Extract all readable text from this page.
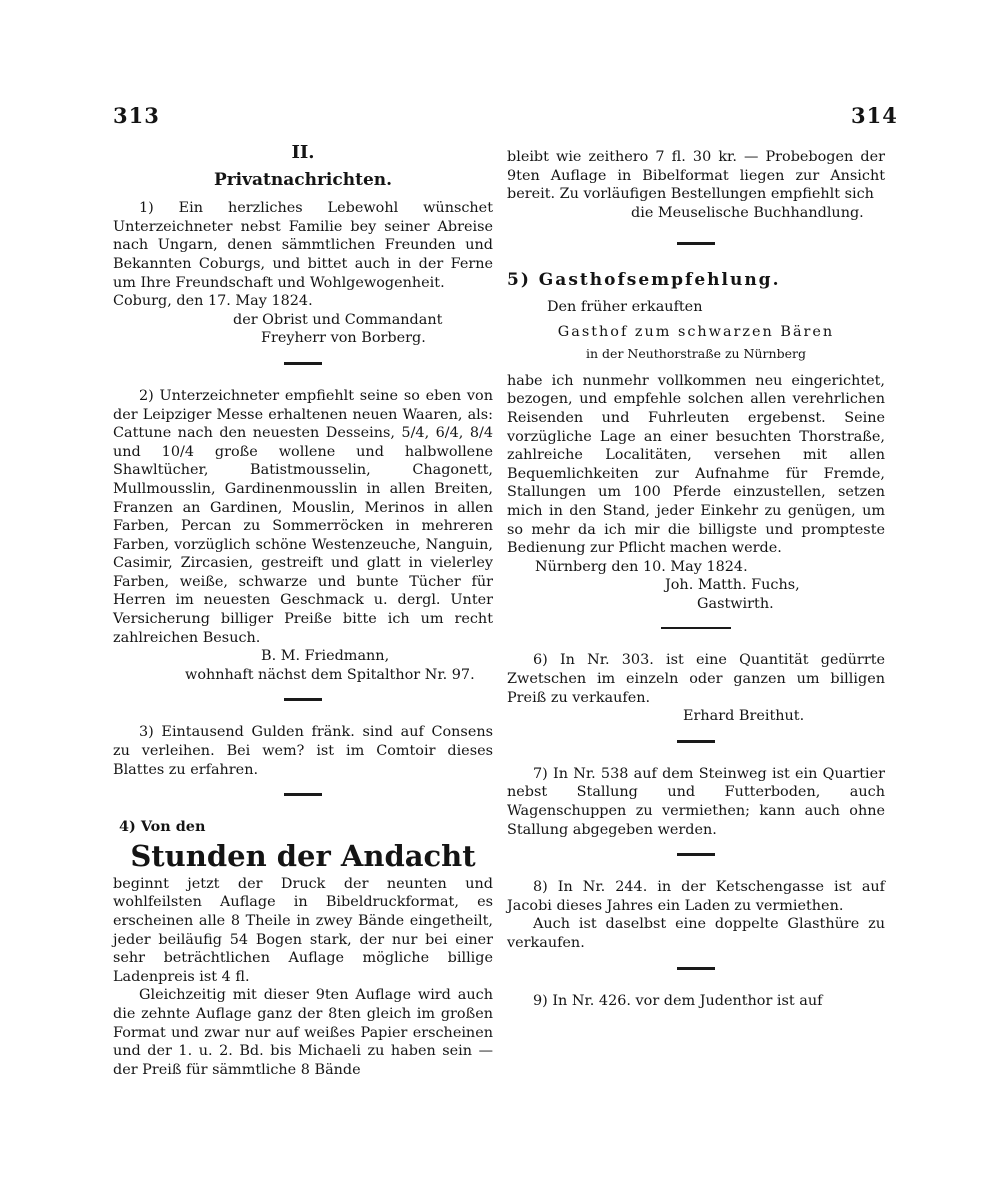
313	314
II.
Privatnachrichten.

1) Ein herzliches Lebewohl wünschet Unterzeichneter nebst Familie bey seiner Abreise nach Ungarn, denen sämmtlichen Freunden und Bekannten Coburgs, und bittet auch in der Ferne um Ihre Freundschaft und Wohlgewogenheit.

Coburg, den 17. May 1824.

der Obrist und Commandant

Freyherr von Borberg.

2) Unterzeichneter empfiehlt seine so eben von der Leipziger Messe erhaltenen neuen Waaren, als: Cattune nach den neuesten Desseins, 5/4, 6/4, 8/4 und 10/4 große wollene und halbwollene Shawltücher, Batistmousselin, Chagonett, Mullmousslin, Gardinenmousslin in allen Breiten, Franzen an Gardinen, Mouslin, Merinos in allen Farben, Percan zu Sommerröcken in mehreren Farben, vorzüglich schöne Westenzeuche, Nanguin, Casimir, Zircasien, gestreift und glatt in vielerley Farben, weiße, schwarze und bunte Tücher für Herren im neuesten Geschmack u. dergl. Unter Versicherung billiger Preiße bitte ich um recht zahlreichen Besuch.

B. M. Friedmann,

wohnhaft nächst dem Spitalthor Nr. 97.

3) Eintausend Gulden fränk. sind auf Consens zu verleihen. Bei wem? ist im Comtoir dieses Blattes zu erfahren.

4) Von den

Stunden der Andacht

beginnt jetzt der Druck der neunten und wohlfeilsten Auflage in Bibeldruckformat, es erscheinen alle 8 Theile in zwey Bände eingetheilt, jeder beiläufig 54 Bogen stark, der nur bei einer sehr beträchtlichen Auflage mögliche billige Ladenpreis ist 4 fl.

Gleichzeitig mit dieser 9ten Auflage wird auch die zehnte Auflage ganz der 8ten gleich im großen Format und zwar nur auf weißes Papier erscheinen und der 1. u. 2. Bd. bis Michaeli zu haben sein — der Preiß für sämmtliche 8 Bände

bleibt wie zeithero 7 fl. 30 kr. — Probebogen der 9ten Auflage in Bibelformat liegen zur Ansicht bereit. Zu vorläufigen Bestellungen empfiehlt sich

die Meuselische Buchhandlung.

5) Gasthofsempfehlung.

Den früher erkauften

Gasthof zum schwarzen Bären

in der Neuthorstraße zu Nürnberg

habe ich nunmehr vollkommen neu eingerichtet, bezogen, und empfehle solchen allen verehrlichen Reisenden und Fuhrleuten ergebenst. Seine vorzügliche Lage an einer besuchten Thorstraße, zahlreiche Localitäten, versehen mit allen Bequemlichkeiten zur Aufnahme für Fremde, Stallungen um 100 Pferde einzustellen, setzen mich in den Stand, jeder Einkehr zu genügen, um so mehr da ich mir die billigste und prompteste Bedienung zur Pflicht machen werde.

Nürnberg den 10. May 1824.

Joh. Matth. Fuchs,

Gastwirth.

6) In Nr. 303. ist eine Quantität gedürrte Zwetschen im einzeln oder ganzen um billigen Preiß zu verkaufen.

Erhard Breithut.

7) In Nr. 538 auf dem Steinweg ist ein Quartier nebst Stallung und Futterboden, auch Wagenschuppen zu vermiethen; kann auch ohne Stallung abgegeben werden.

8) In Nr. 244. in der Ketschengasse ist auf Jacobi dieses Jahres ein Laden zu vermiethen.

Auch ist daselbst eine doppelte Glasthüre zu verkaufen.

9) In Nr. 426. vor dem Judenthor ist auf
